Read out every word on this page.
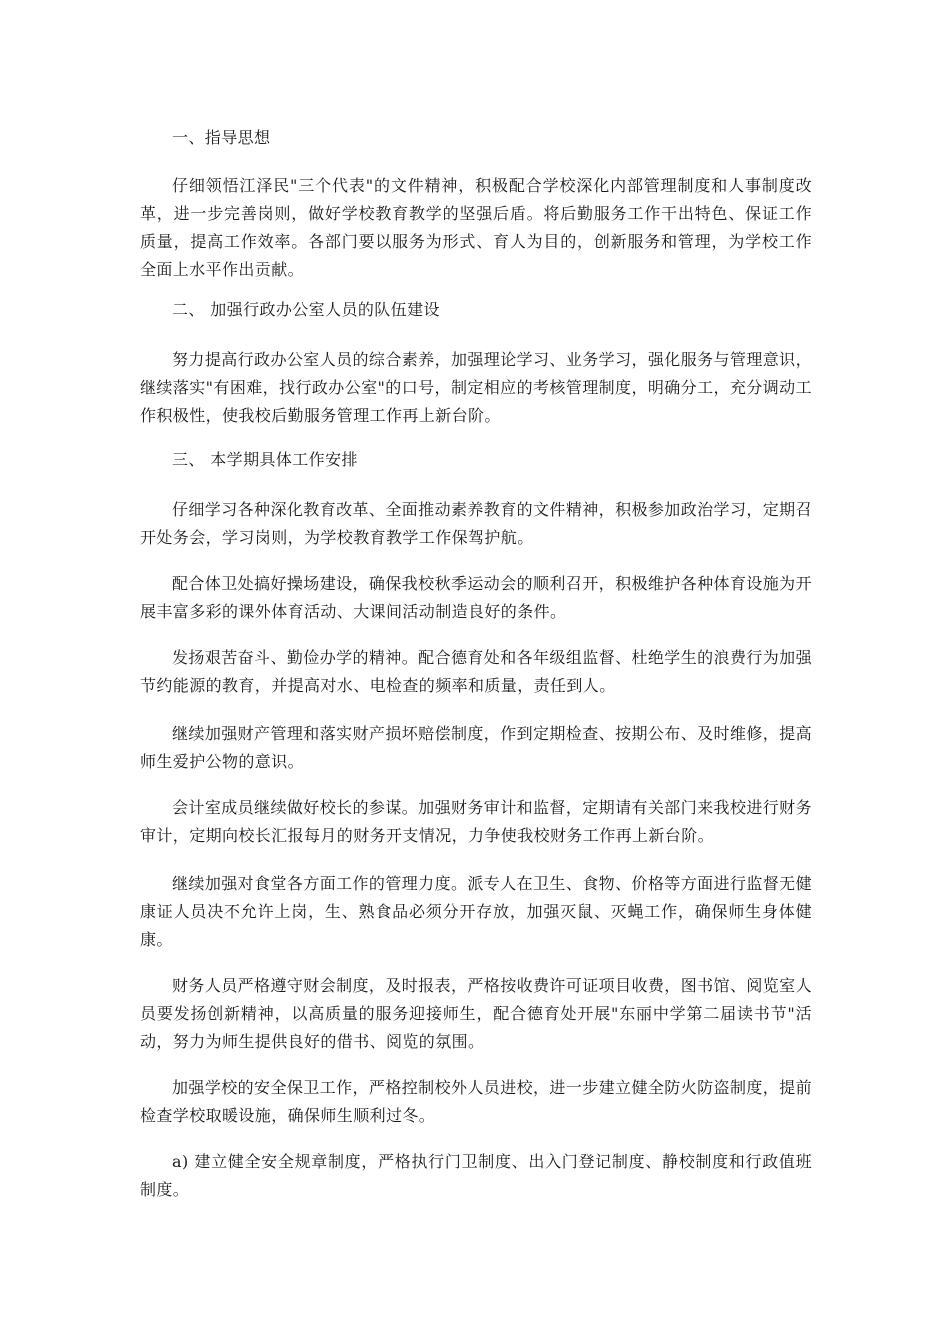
一、指导思想

仔细领悟江泽民"三个代表"的文件精神，积极配合学校深化内部管理制度和人事制度改革，进一步完善岗则，做好学校教育教学的坚强后盾。将后勤服务工作干出特色、保证工作质量，提高工作效率。各部门要以服务为形式、育人为目的，创新服务和管理，为学校工作全面上水平作出贡献。

二、 加强行政办公室人员的队伍建设

努力提高行政办公室人员的综合素养，加强理论学习、业务学习，强化服务与管理意识，继续落实"有困难，找行政办公室"的口号，制定相应的考核管理制度，明确分工，充分调动工作积极性，使我校后勤服务管理工作再上新台阶。

三、 本学期具体工作安排

仔细学习各种深化教育改革、全面推动素养教育的文件精神，积极参加政治学习，定期召开处务会，学习岗则，为学校教育教学工作保驾护航。

配合体卫处搞好操场建设，确保我校秋季运动会的顺利召开，积极维护各种体育设施为开展丰富多彩的课外体育活动、大课间活动制造良好的条件。

发扬艰苦奋斗、勤俭办学的精神。配合德育处和各年级组监督、杜绝学生的浪费行为加强节约能源的教育，并提高对水、电检查的频率和质量，责任到人。

继续加强财产管理和落实财产损坏赔偿制度，作到定期检查、按期公布、及时维修，提高师生爱护公物的意识。

会计室成员继续做好校长的参谋。加强财务审计和监督，定期请有关部门来我校进行财务审计，定期向校长汇报每月的财务开支情况，力争使我校财务工作再上新台阶。

继续加强对食堂各方面工作的管理力度。派专人在卫生、食物、价格等方面进行监督无健康证人员决不允许上岗，生、熟食品必须分开存放，加强灭鼠、灭蝇工作，确保师生身体健康。

财务人员严格遵守财会制度，及时报表，严格按收费许可证项目收费，图书馆、阅览室人员要发扬创新精神，以高质量的服务迎接师生，配合德育处开展"东丽中学第二届读书节"活动，努力为师生提供良好的借书、阅览的氛围。

加强学校的安全保卫工作，严格控制校外人员进校，进一步建立健全防火防盗制度，提前检查学校取暖设施，确保师生顺利过冬。

a) 建立健全安全规章制度，严格执行门卫制度、出入门登记制度、静校制度和行政值班制度。
